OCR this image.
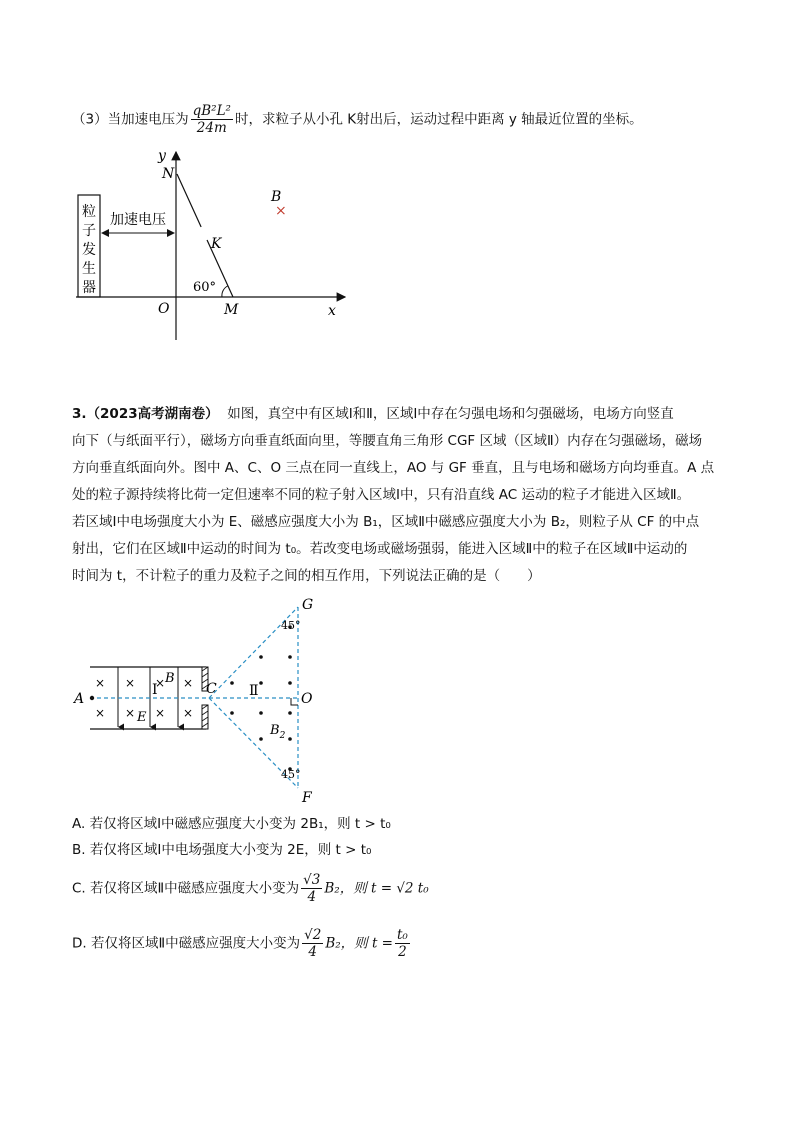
（3）当加速电压为 $\frac{\text{qB²L²}}{24m}$ 时，求粒子从小孔 K射出后，运动过程中距离 y 轴最近位置的坐标。
粒子发生器
加速电压
y
x
O
N
K
M
60°
B
×
3.（2023高考湖南卷） 如图，真空中有区域Ⅰ和Ⅱ，区域Ⅰ中存在匀强电场和匀强磁场，电场方向竖直
向下（与纸面平行），磁场方向垂直纸面向里，等腰直角三角形 CGF 区域（区域Ⅱ）内存在匀强磁场，磁场
方向垂直纸面向外。图中 A、C、O 三点在同一直线上，AO 与 GF 垂直，且与电场和磁场方向均垂直。A 点
处的粒子源持续将比荷一定但速率不同的粒子射入区域Ⅰ中，只有沿直线 AC 运动的粒子才能进入区域Ⅱ。
若区域Ⅰ中电场强度大小为 E、磁感应强度大小为 B₁，区域Ⅱ中磁感应强度大小为 B₂，则粒子从 CF 的中点
射出，它们在区域Ⅱ中运动的时间为 t₀。若改变电场或磁场强弱，能进入区域Ⅱ中的粒子在区域Ⅱ中运动的
时间为 t，不计粒子的重力及粒子之间的相互作用，下列说法正确的是（　　）
× × × ×
× × × ×
A
C
O
G
F
B
E
Ⅰ	Ⅱ
$B_2$
45°
45°
A. 若仅将区域Ⅰ中磁感应强度大小变为 2B₁，则 t > t₀
B. 若仅将区域Ⅰ中电场强度大小变为 2E，则 t > t₀
C. 若仅将区域Ⅱ中磁感应强度大小变为 $\frac{√3}{4} B_2$，则 t = √2 t₀
D. 若仅将区域Ⅱ中磁感应强度大小变为 $\frac{√2}{4} B_2$，则 $t = \frac{\text{t₀}}{2}$
